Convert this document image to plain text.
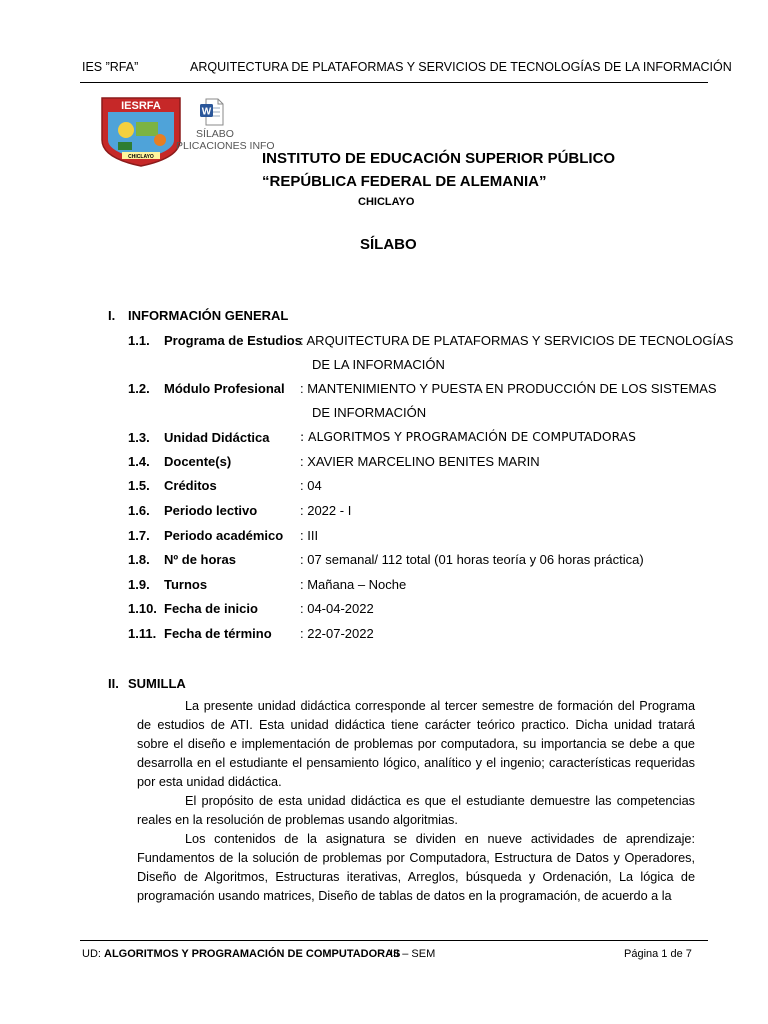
IES ”RFA”	ARQUITECTURA DE PLATAFORMAS Y SERVICIOS DE TECNOLOGÍAS DE LA INFORMACIÓN
IESRFA
CHICLAYO
W
SÍLABO
PLICACIONES INFO
INSTITUTO DE EDUCACIÓN SUPERIOR PÚBLICO
“REPÚBLICA FEDERAL DE ALEMANIA”
CHICLAYO
SÍLABO
I. INFORMACIÓN GENERAL
1.1. Programa de Estudios
: ARQUITECTURA DE PLATAFORMAS Y SERVICIOS DE TECNOLOGÍAS
DE LA INFORMACIÓN
1.2. Módulo Profesional : MANTENIMIENTO Y PUESTA EN PRODUCCIÓN DE LOS SISTEMAS
DE INFORMACIÓN
1.3. Unidad Didáctica : ALGORITMOS Y PROGRAMACIÓN DE COMPUTADORAS
1.4. Docente(s)	: XAVIER MARCELINO BENITES MARIN
1.5. Créditos	: 04
1.6. Periodo lectivo	: 2022 - I
1.7. Periodo académico : III
1.8. Nº de horas	: 07 semanal/ 112 total (01 horas teoría y 06 horas práctica)
1.9. Turnos	: Mañana – Noche
1.10. Fecha de inicio	: 04-04-2022
1.11. Fecha de término : 22-07-2022
II. SUMILLA

La presente unidad didáctica corresponde al tercer semestre de formación del Programa de estudios de ATI. Esta unidad didáctica tiene carácter teórico practico. Dicha unidad tratará sobre el diseño e implementación de problemas por computadora, su importancia se debe a que desarrolla en el estudiante el pensamiento lógico, analítico y el ingenio; características requeridas por esta unidad didáctica.

El propósito de esta unidad didáctica es que el estudiante demuestre las competencias reales en la resolución de problemas usando algoritmias.

Los contenidos de la asignatura se dividen en nueve actividades de aprendizaje: Fundamentos de la solución de problemas por Computadora, Estructura de Datos y Operadores, Diseño de Algoritmos, Estructuras iterativas, Arreglos, búsqueda y Ordenación, La lógica de programación usando matrices, Diseño de tablas de datos en la programación, de acuerdo a la

UD: ALGORITMOS Y PROGRAMACIÓN DE COMPUTADORAS
III – SEM	Página 1 de 7
